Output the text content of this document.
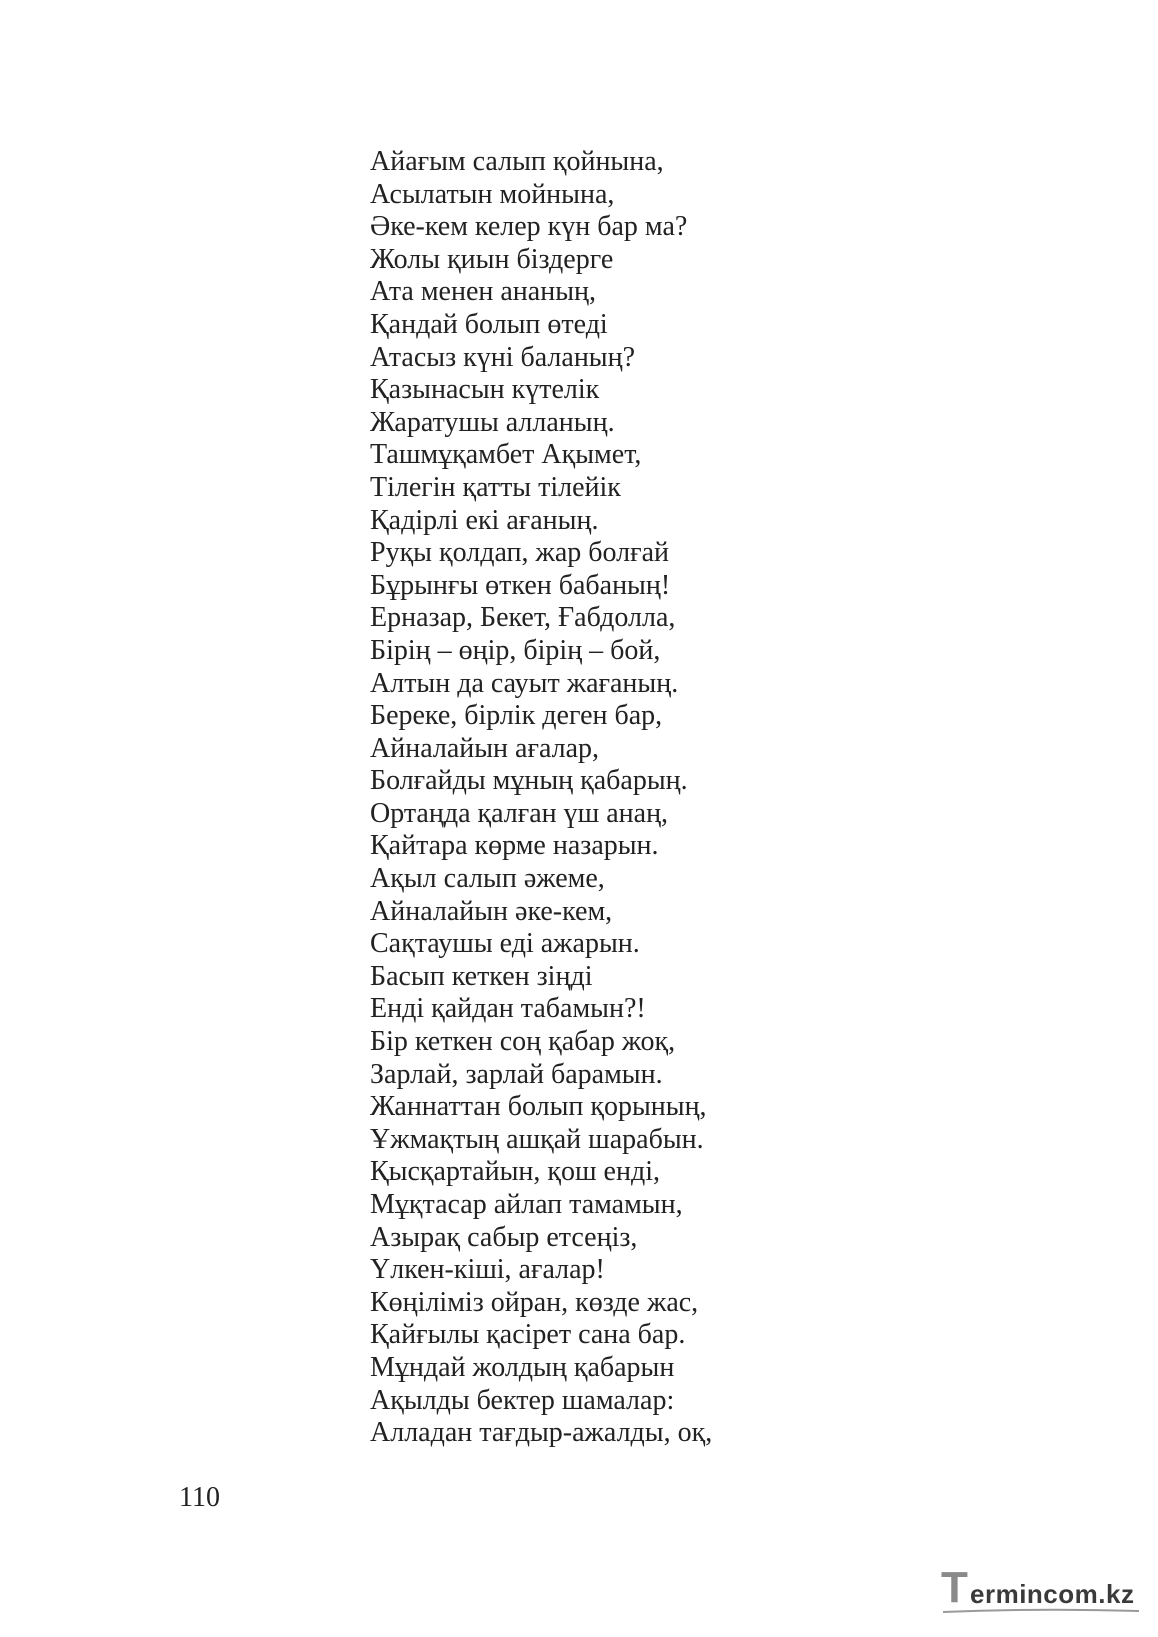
Айағым салып қойнына,
Асылатын мойнына,
Әке-кем келер күн бар ма?
Жолы қиын біздерге
Ата менен ананың,
Қандай болып өтеді
Атасыз күні баланың?
Қазынасын күтелік
Жаратушы алланың.
Ташмұқамбет Ақымет,
Тілегін қатты тілейік
Қадірлі екі ағаның.
Руқы қолдап, жар болғай
Бұрынғы өткен бабаның!
Ерназар, Бекет, Ғабдолла,
Бірің – өңір, бірің – бой,
Алтын да сауыт жағаның.
Береке, бірлік деген бар,
Айналайын ағалар,
Болғайды мұның қабарың.
Ортаңда қалған үш анаң,
Қайтара көрме назарын.
Ақыл салып әжеме,
Айналайын әке-кем,
Сақтаушы еді ажарын.
Басып кеткен зіңді
Енді қайдан табамын?!
Бір кеткен соң қабар жоқ,
Зарлай, зарлай барамын.
Жаннаттан болып қорының,
Ұжмақтың ашқай шарабын.
Қысқартайын, қош енді,
Мұқтасар айлап тамамын,
Азырақ сабыр етсеңіз,
Үлкен-кіші, ағалар!
Көңіліміз ойран, көзде жас,
Қайғылы қасірет сана бар.
Мұндай жолдың қабарын
Ақылды бектер шамалар:
Алладан тағдыр-ажалды, оқ,
110
T ermincom.kz
